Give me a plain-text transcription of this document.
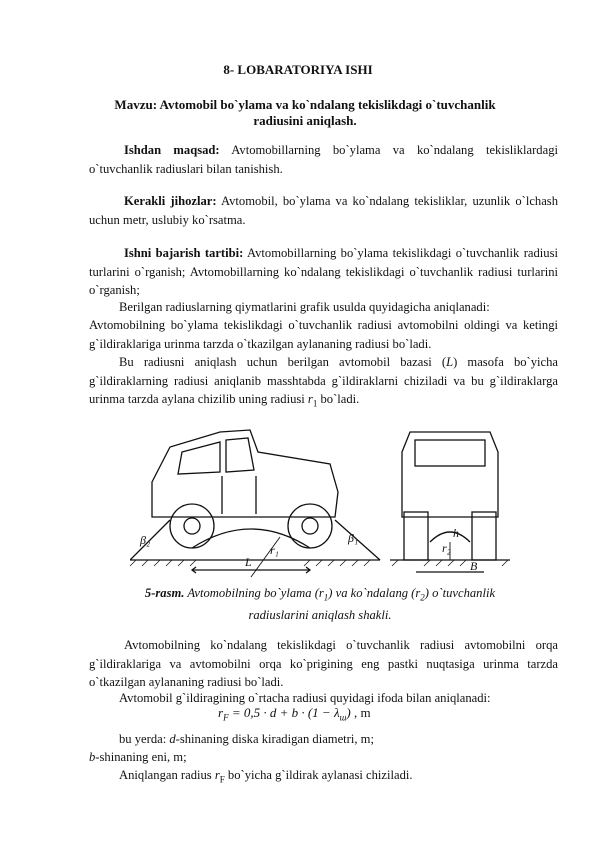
8- LOBARATORIYA ISHI
Mavzu: Avtomobil bo`ylama va ko`ndalang tekislikdagi o`tuvchanlik radiusini aniqlash.
Ishdan maqsad: Avtomobillarning bo`ylama va ko`ndalang tekisliklardagi o`tuvchanlik radiuslari bilan tanishish.
Kerakli jihozlar: Avtomobil, bo`ylama va ko`ndalang tekisliklar, uzunlik o`lchash uchun metr, uslubiy ko`rsatma.
Ishni bajarish tartibi: Avtomobillarning bo`ylama tekislikdagi o`tuvchanlik radiusi turlarini o`rganish; Avtomobillarning ko`ndalang tekislikdagi o`tuvchanlik radiusi turlarini o`rganish;
Berilgan radiuslarning qiymatlarini grafik usulda quyidagicha aniqlanadi:
Avtomobilning bo`ylama tekislikdagi o`tuvchanlik radiusi avtomobilni oldingi va ketingi g`ildiraklariga urinma tarzda o`tkazilgan aylananing radiusi bo`ladi.
Bu radiusni aniqlash uchun berilgan avtomobil bazasi (L) masofa bo`yicha g`ildiraklarning radiusi aniqlanib masshtabda g`ildiraklarni chiziladi va bu g`ildiraklarga urinma tarzda aylana chizilib uning radiusi $r_1$ bo`ladi.
β₂	β₁
L
r₁	r₂
B
h
5-rasm. Avtomobilning bo`ylama $(r_1)$ va ko`ndalang $(r_2)$ o`tuvchanlik
radiuslarini aniqlash shakli.
Avtomobilning ko`ndalang tekislikdagi o`tuvchanlik radiusi avtomobilni orqa g`ildiraklariga va avtomobilni orqa ko`prigining eng pastki nuqtasiga urinma tarzda o`tkazilgan aylananing radiusi bo`ladi.
Avtomobil g`ildiragining o`rtacha radiusi quyidagi ifoda bilan aniqlanadi:
$r_F = 0,5 \cdot d + b \cdot (1 - \lambda_ш)$ , m
bu yerda: d-shinaning diska kiradigan diametri, m;
b-shinaning eni, m;
Aniqlangan radius $r_F$ bo`yicha g`ildirak aylanasi chiziladi.
